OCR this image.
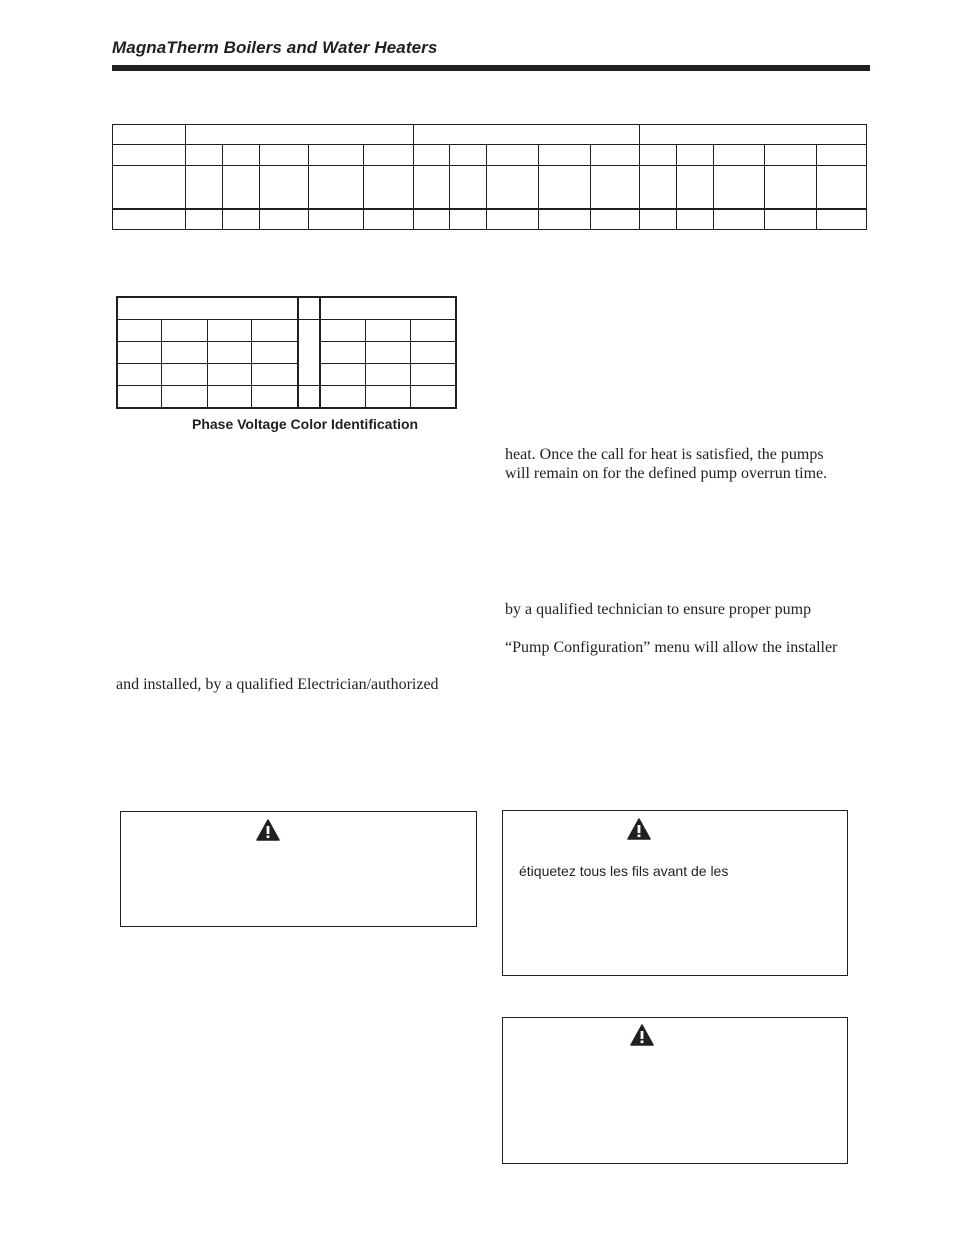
MagnaTherm Boilers and Water Heaters

Phase Voltage Color Identification
heat. Once the call for heat is satisfied, the pumps
will remain on for the defined pump overrun time.
by a qualified technician to ensure proper pump
“Pump Configuration” menu will allow the installer
and installed, by a qualified Electrician/authorized
étiquetez tous les fils avant de les
